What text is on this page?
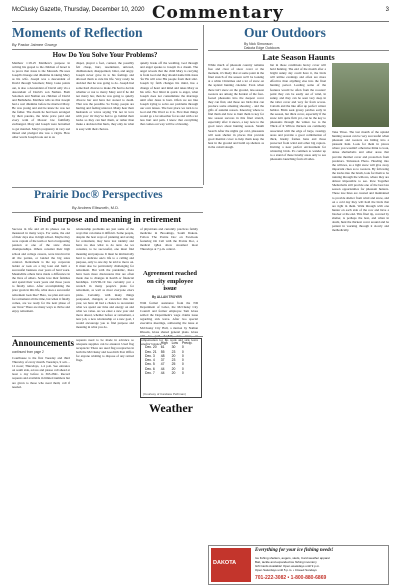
McClusky Gazette, Thursday, December 10, 2020 Commentary	3
Moments of Reflection
By Pastor Jaimee Gruegr
How Do You Solve Your Problems?
Matthew 1:18-25 Matthew's purpose in writing his gospel to the children of Israel is to prove that Jesus is the Messiah. He uses Joseph's lineage and dilemma in taking Mary as his wife. Joseph was a descendant of David through Solomon; Mary, Luke points out, is also a descendant of David only via a descendant of David's son Nathan. Both Solomon and Nathan are children of David and Bathsheba. Matthew tells us that Joseph had a real dilemma before he married Mary. He was young and and he knew he was not the father. The dream he had been arranged by their parents, the bride price paid and every term of Mosaic law faithfully exchanged. Mary and Joseph were betrothed to get married. Mary's pregnancy in very sad mixed and pledged she was a virgin. How other words Joseph took out to us
dispel, played a fool, conned, the possibly felt cheap, hurt, resentment, unloved, disillusioned, disappointed, bitter, and angry. Joseph never gave in to his feelings and allowed them to rule his life. Very rarely he decided that he was going to do. Joseph had some hard choices to make. He had to decide whether or not to marry Mary and if he did not marry her, then he was going to quietly divorce her and have her stoned to death. That was the possible. So Today, people are hurting and feeling unloved. Many hear their husbands or wives saying 'I'm not in love with you.' Or they've had to go behind their backs so they can hurt them, or rather than make a decision that hurts, they only do what is easy with their choices.
quietly break off the wedding. God through and angel speaks to Joseph in a dream. The angel reveals that the child Mary is carrying is from God and they should name him Jesus 'for He will save His people from their sins'. Joseph by faith changes his mind, has a change of heart and mind and takes Mary as his wife. Not blind in quick to anger, what Joseph does not consummate the marriage until after Jesus is born. Often we are like Joseph trying to solve our problems through our own lenses. The best place we turn is to God and His Word as it is. First then things would go a lot smoother for us and with a lot less hurt and pain. I know that everything that comes our way will be a blessing.
Our Outdoors
By Nick Simonson
Dakota Edge Outdoors
Late Season Haunts
While much of pheasant country remains free and clear of snow cover at the moment, it's likely that at some point in the final stretch of the season we'll be looking at a white Christmas and a lot of snow on the upland hunting calendar. Even when there isn't snow on the ground, late-season roosters are among the hardest of the four-footed pheasants into the deepest cover they can find, and those are birds that can produce some amazing shooting - and the gifts of autumn reason. Knowing where to find them and how to hunt them is key for late season success in this final stretch, especially after it snows, a key note to the good news about hunting season. Sleuth Search After the nights get cold, pheasants will seek shelter in places that provide good thermal cover to help them keep the heat in the ground and build up shelters as in the cattail slough.
but in those conditions heavy cover will hold hunting. The end of the month after a bright sunny day could have it, the birds will utilize evenings and often are more effective than anything else into the final hunting period. Leading some of the features would be often from the roosters' point they can be easily out of wind, in sunny, and they can be seen very deep in the taller cover and very far from access. Cattails and the like offer up perfect winter habitat. Birds seek grassy patches early in the season, but thick cover, especially if the snow isn't quite firm yet, can be the key to pheasants through the winter. Go to the Thick of It Willow thickets are commonly associated with the edge of large, swampy areas and provide a good combination of thick, brushy frames hens and those protected from wind and other big raptors. Inviting a near perfect environment for wintering birds. It's common to wander up to a stand of these brushy areas only to see pheasants launching from all sides.
Take Three. The last month of the upland hunting season can be very successful when pheasant and roosters are hiding into a pleasant hunt. Look for them in places where you wouldn't otherwise think to look, dense shelterbelts and other areas that provide thermal cover and protection from predators. Simonson Photo. Heading into the willows, as a light snow will give away important clues as to roosters. By following the tracks into the brush, look for them to be running through the willows, where they are almost impossible to see. Row Together Shelterbelts still provide one of the best late season opportunities for pheasant hunters. These tree lines are created and maintained to provide shelter from wind and snow, and on a cold day they will hold the birds that are tight in them. Walk through with one hunter on each side of the row and have a blocker at the end. This final tip, covered by shelter, is perhaps the best, and when in doubt, hunt the thickest cover around and be patient in working through it slowly and methodically.
Prairie Doc® Perspectives
By Andrew Ellsworth, M.D.
Find purpose and meaning in retirement
Success in life and all its phases can be measured in many ways. For some, the end of their days also in high school. Maybe they were captain of the team or had a burgeoning passion at one of the state chess championships. Others consider their high school and college careers, were involved in all the parties, or landed the big sales contract. Retirement is the top corporate ladder or took on a big loan and built a successful business over years of hard work. Meanwhile others have made a difference in the lives of others. Some love their families and spend their work years and those years to finally retire. After accomplishing the prior goals in this life, what does a successful retirement look like? Here, we plan and save for retirement all the time, but when it finally comes, are we ready for the next phase of our lives? There are many ways to thrive and enjoy retirement.
relationship problems are just some of the ways that can make it difficult. Some people, despite the best ways of planning and saving for retirement, may have lost identity and have no idea what to do next. As we consider, to be successful, one must find meaning and purpose. It must be intrinsically hard to dedicate one's life to a calling and purpose, only to one day be told to move on. It must also be particularly challenging for retirement. But with the pandemic, there have been more discussions that are often made due to changes in health or financial hardships. COVID-19 has certainly put a wrench in many people's plans for retirement, as well as most everyone else's plans. Certainly, with many things postponed, changed, or cancelled this last year, we have all had a chance to reconsider what we spend our time and energy on and what we value. As we enter a new year and move ahead, whether before or retirement, a new job, a new relationship or a new goal, I would encourage you to find purpose and meaning in what you do.
of physicians and currently practices family medicine in Brookings, South Dakota. Follow The Prairie Doc on Facebook featuring On Call with the Prairie Doc, a medical Q&A show streamed most Thursdays at 7 p.m. central.
Agreement reached on city employee issue
By ALLAN TROYER
With formal assistance from the ND Department of Labor, the McClusky City Council and former employee Tom Glass settled the Department's wage claims issue regarding sick leave. After two special executive meetings, addressing the issue at McClusky City Hall, a motion by Nathan Rhoads, Glass shared general plans. Glass compensation for his work and sick leave benefits' balance.
Announcements
continued from page 2
Courthouse is the first Tuesday and third Thursday of every month. Tuesdays, 9 a.m. – 12 noon; Thursdays, 1-4 p.m. See entrance on south side, across and please call ahead at least a day before to 363-2841. Record requests and available in limited numbers but are given to those who need them; call if needed.
requests need to be made in advance so adequate supplies can be ensured. Used flag receptacle: There are used flag receptacles in both the McClusky and Goodrich Post Office for anyone wishing to dispose of any retired flags.
	High	Low	Precip.
Dec. 20	61	30	0
Dec. 21	55	23	0
Dec. 3	48	20	0
Dec. 4	37	23	0
Dec. 5	47	25	0
Dec. 6	44	20	0
Dec. 7	44	20	0
(Courtesy of Candace Pelhman)
Weather
DAKOTA
Everything for your ice fishing needs!
Ice fishing shelters, augers, sleds, Card weather apparel
Bait, tackle and expanded ice fishing inventory
Gift Cards Available! Open weekdays until 9 p.m.
Open Saturdays until 5 p.m. • Closed Sundays
701-222-3082 • 1-800-880-6869
